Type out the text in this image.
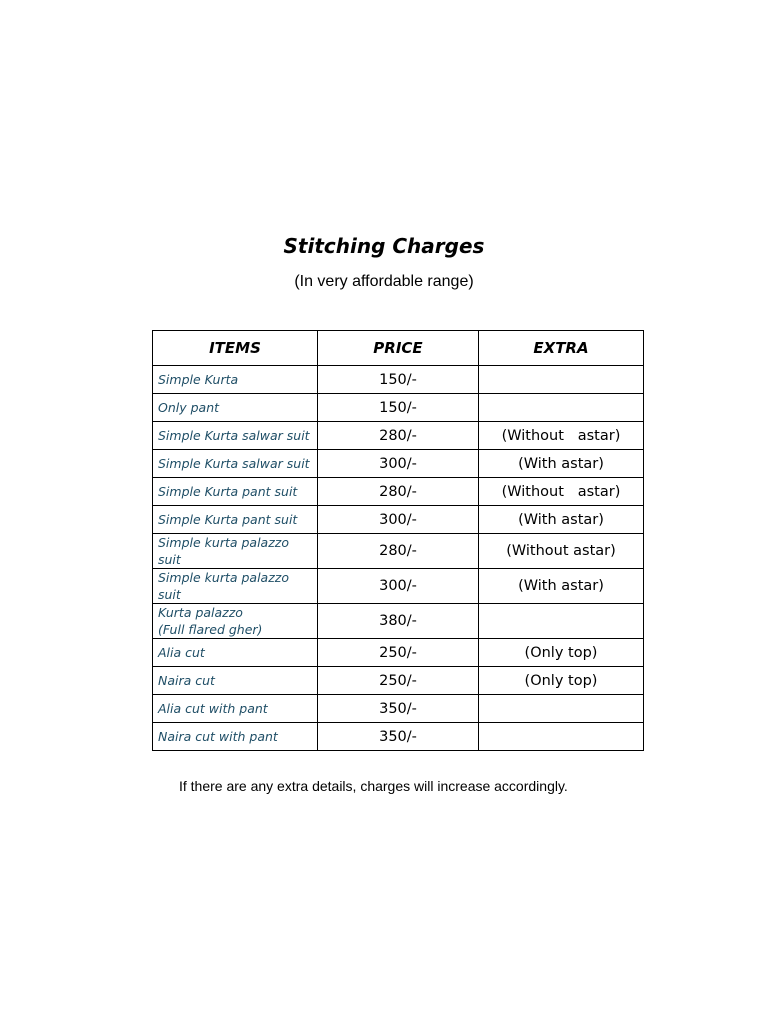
Stitching Charges

(In very affordable range)

ITEMS	PRICE	EXTRA
Simple Kurta	150/-	
Only pant	150/-	
Simple Kurta salwar suit	280/-	(Without   astar)
Simple Kurta salwar suit	300/-	(With astar)
Simple Kurta pant suit	280/-	(Without   astar)
Simple Kurta pant suit	300/-	(With astar)
Simple kurta palazzo
suit	280/-	(Without astar)
Simple kurta palazzo
suit	300/-	(With astar)
Kurta palazzo
(Full flared gher)	380/-	
Alia cut	250/-	(Only top)
Naira cut	250/-	(Only top)
Alia cut with pant	350/-	
Naira cut with pant	350/-	

If there are any extra details, charges will increase accordingly.
